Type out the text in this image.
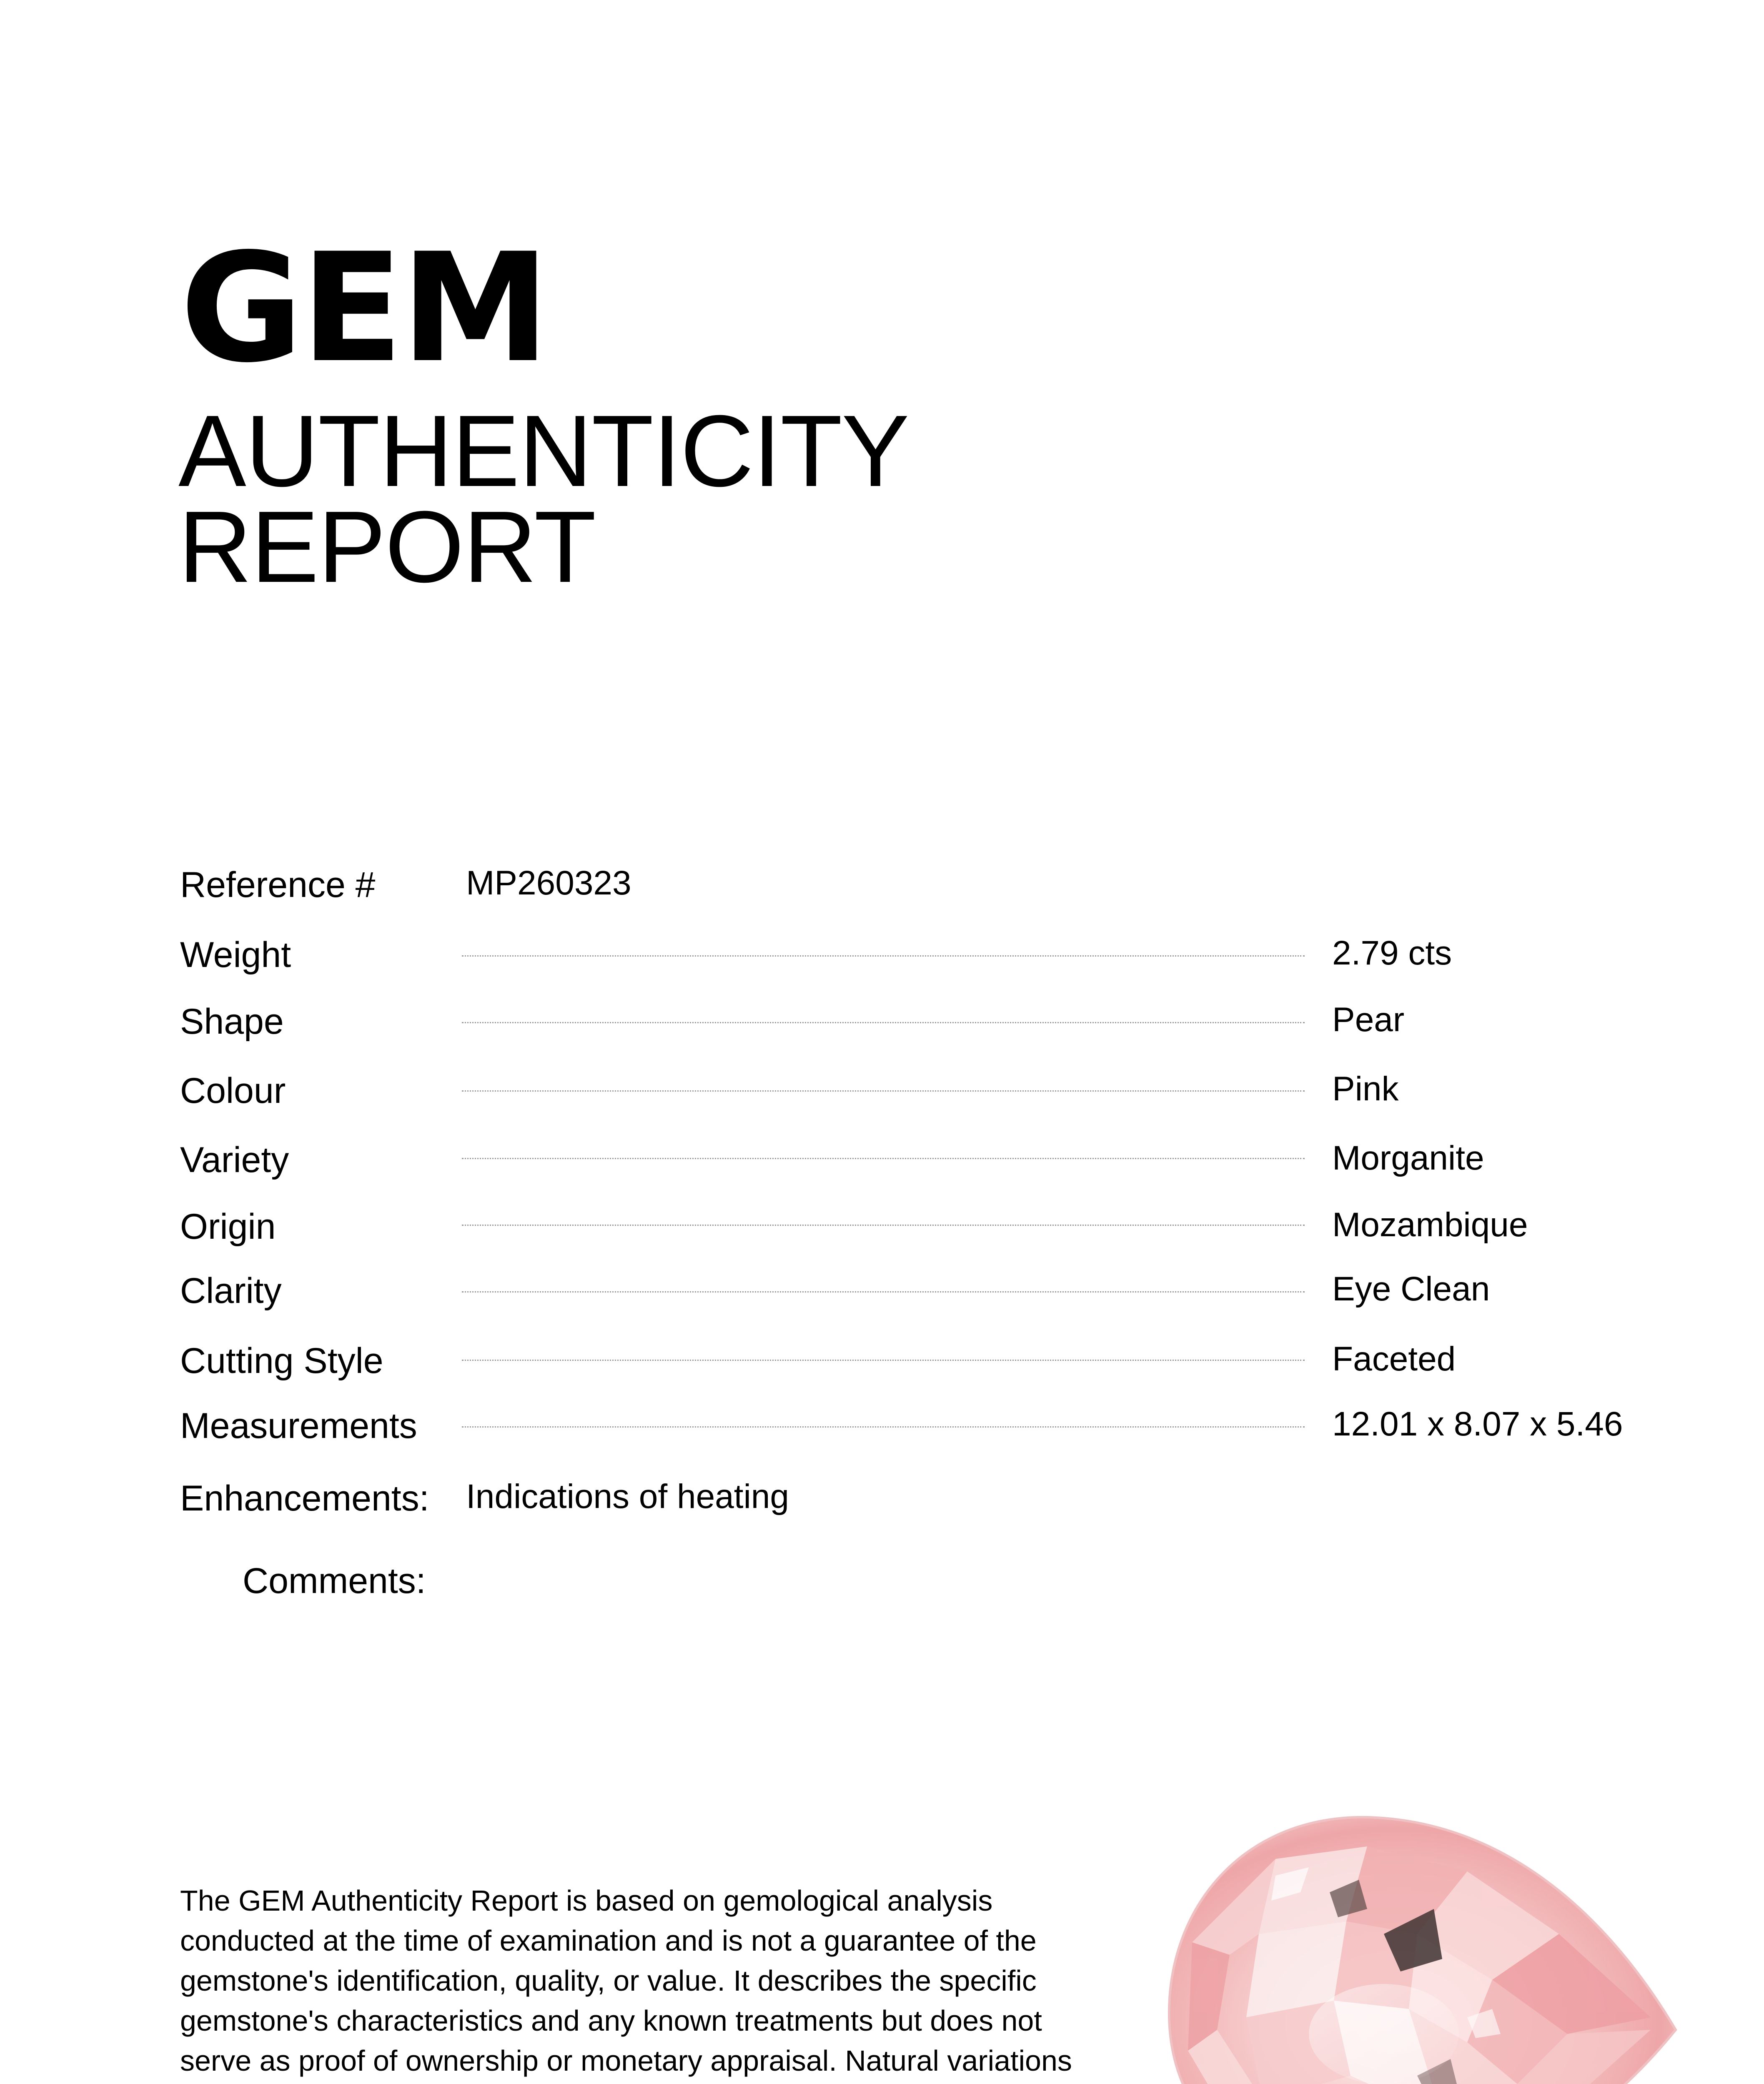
GEM
AUTHENTICITY
REPORT
Reference #	MP260323
Weight	2.79 cts
Shape	Pear
Colour	Pink
Variety	Morganite
Origin	Mozambique
Clarity	Eye Clean
Cutting Style	Faceted
Measurements	12.01 x 8.07 x 5.46
Enhancements: Indications of heating
Comments:
The GEM Authenticity Report is based on gemological analysis conducted at the time of examination and is not a guarantee of the gemstone's identification, quality, or value. It describes the specific gemstone's characteristics and any known treatments but does not serve as proof of ownership or monetary appraisal. Natural variations
